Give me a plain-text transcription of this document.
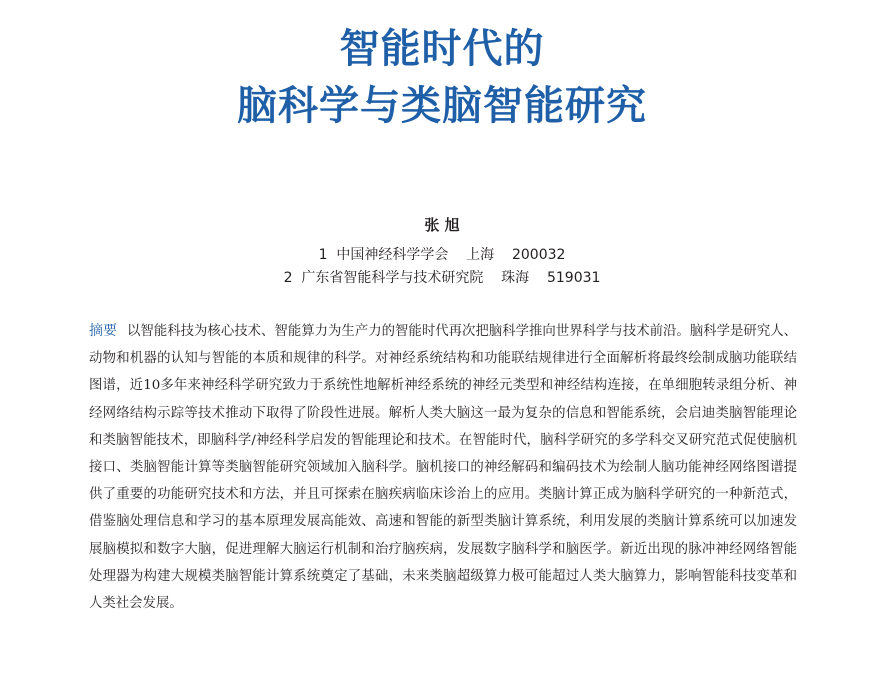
智能时代的
脑科学与类脑智能研究
张 旭
1  中国神经科学学会    上海    200032
2  广东省智能科学与技术研究院    珠海    519031
摘要 以智能科技为核心技术、智能算力为生产力的智能时代再次把脑科学推向世界科学与技术前沿。脑科学是研究人、动物和机器的认知与智能的本质和规律的科学。对神经系统结构和功能联结规律进行全面解析将最终绘制成脑功能联结图谱，近10多年来神经科学研究致力于系统性地解析神经系统的神经元类型和神经结构连接，在单细胞转录组分析、神经网络结构示踪等技术推动下取得了阶段性进展。解析人类大脑这一最为复杂的信息和智能系统，会启迪类脑智能理论和类脑智能技术，即脑科学/神经科学启发的智能理论和技术。在智能时代，脑科学研究的多学科交叉研究范式促使脑机接口、类脑智能计算等类脑智能研究领域加入脑科学。脑机接口的神经解码和编码技术为绘制人脑功能神经网络图谱提供了重要的功能研究技术和方法，并且可探索在脑疾病临床诊治上的应用。类脑计算正成为脑科学研究的一种新范式，借鉴脑处理信息和学习的基本原理发展高能效、高速和智能的新型类脑计算系统，利用发展的类脑计算系统可以加速发展脑模拟和数字大脑，促进理解大脑运行机制和治疗脑疾病，发展数字脑科学和脑医学。新近出现的脉冲神经网络智能处理器为构建大规模类脑智能计算系统奠定了基础，未来类脑超级算力极可能超过人类大脑算力，影响智能科技变革和人类社会发展。
